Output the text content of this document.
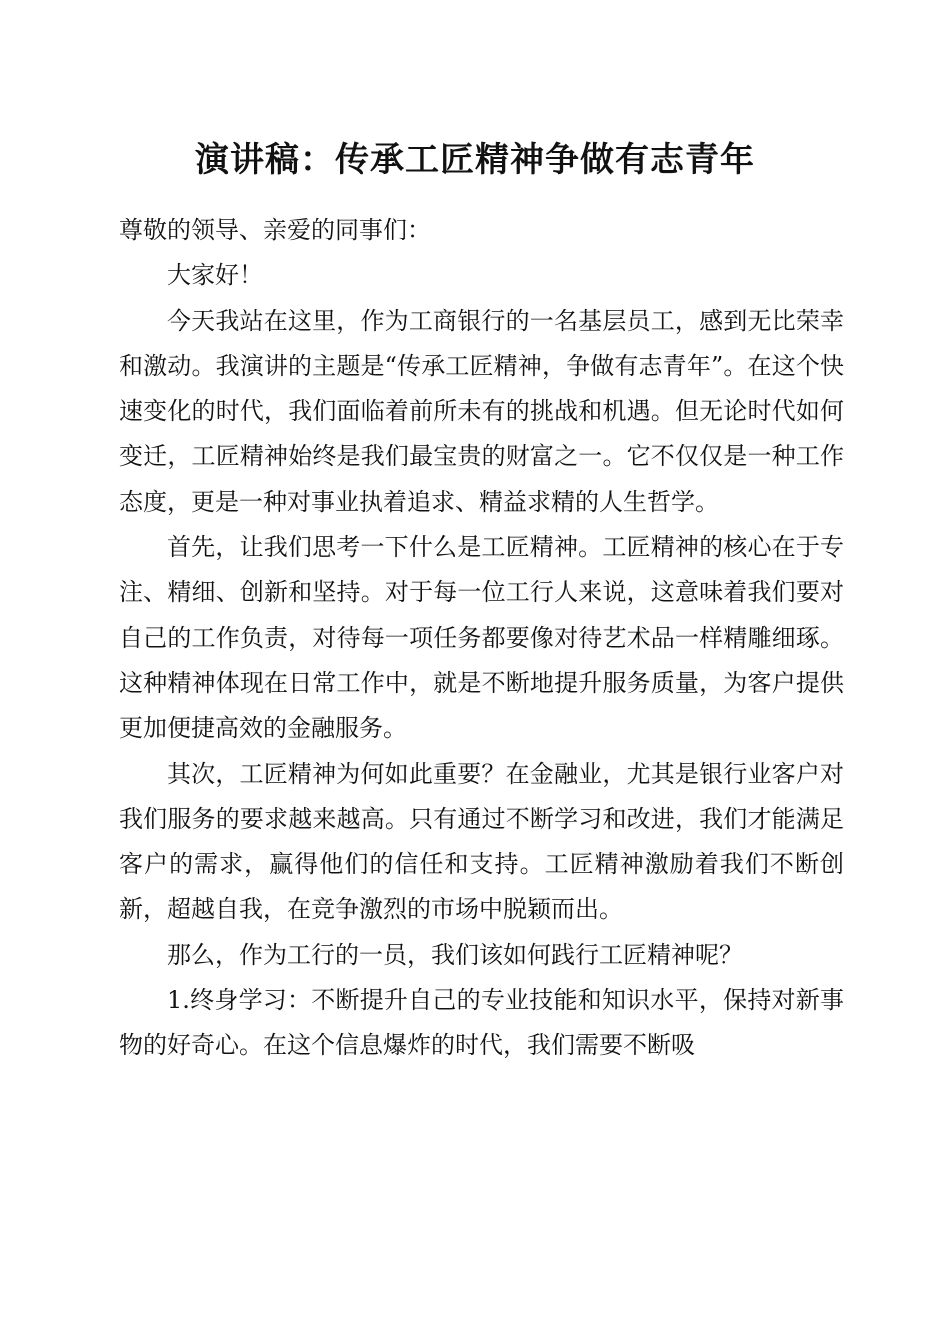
演讲稿：传承工匠精神争做有志青年

尊敬的领导、亲爱的同事们：

大家好！

今天我站在这里，作为工商银行的一名基层员工，感到无比荣幸和激动。我演讲的主题是“传承工匠精神，争做有志青年”。在这个快速变化的时代，我们面临着前所未有的挑战和机遇。但无论时代如何变迁，工匠精神始终是我们最宝贵的财富之一。它不仅仅是一种工作态度，更是一种对事业执着追求、精益求精的人生哲学。

首先，让我们思考一下什么是工匠精神。工匠精神的核心在于专注、精细、创新和坚持。对于每一位工行人来说，这意味着我们要对自己的工作负责，对待每一项任务都要像对待艺术品一样精雕细琢。这种精神体现在日常工作中，就是不断地提升服务质量，为客户提供更加便捷高效的金融服务。

其次，工匠精神为何如此重要？在金融业，尤其是银行业客户对我们服务的要求越来越高。只有通过不断学习和改进，我们才能满足客户的需求，赢得他们的信任和支持。工匠精神激励着我们不断创新，超越自我，在竞争激烈的市场中脱颖而出。

那么，作为工行的一员，我们该如何践行工匠精神呢？

1.终身学习：不断提升自己的专业技能和知识水平，保持对新事物的好奇心。在这个信息爆炸的时代，我们需要不断吸
